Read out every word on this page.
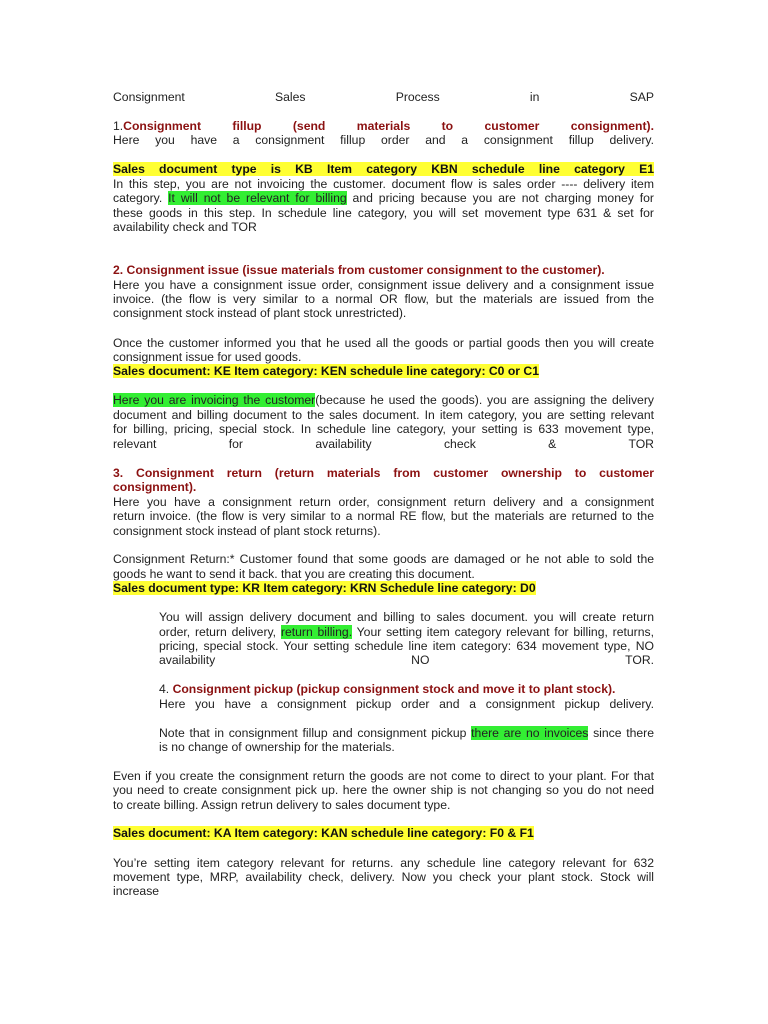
Consignment	Sales	Process	in	SAP
1.Consignment fillup (send materials to customer consignment).
Here you have a consignment fillup order and a consignment fillup delivery.
Sales document type is KB Item category KBN schedule line category E1
In this step, you are not invoicing the customer. document flow is sales order ---- delivery item
category. It will not be relevant for billing and pricing because you are not charging money for
these goods in this step. In schedule line category, you will set movement type 631 & set for
availability check and TOR
2. Consignment issue (issue materials from customer consignment to the customer).
Here you have a consignment issue order, consignment issue delivery and a consignment issue
invoice. (the flow is very similar to a normal OR flow, but the materials are issued from the
consignment stock instead of plant stock unrestricted).
Once the customer informed you that he used all the goods or partial goods then you will create
consignment issue for used goods.
Sales document: KE Item category: KEN schedule line category: C0 or C1
Here you are invoicing the customer(because he used the goods). you are assigning the delivery
document and billing document to the sales document. In item category, you are setting relevant
for billing, pricing, special stock. In schedule line category, your setting is 633 movement type,
relevant	for	availability	check	&	TOR
3. Consignment return (return materials from customer ownership to customer
consignment).
Here you have a consignment return order, consignment return delivery and a consignment
return invoice. (the flow is very similar to a normal RE flow, but the materials are returned to the
consignment stock instead of plant stock returns).
Consignment Return:* Customer found that some goods are damaged or he not able to sold the
goods he want to send it back. that you are creating this document.
Sales document type: KR Item category: KRN Schedule line category: D0
You will assign delivery document and billing to sales document. you will create return
order, return delivery, return billing. Your setting item category relevant for billing, returns,
pricing, special stock. Your setting schedule line item category: 634 movement type, NO
availability	NO	TOR.
4. Consignment pickup (pickup consignment stock and move it to plant stock).
Here you have a consignment pickup order and a consignment pickup delivery.
Note that in consignment fillup and consignment pickup there are no invoices since there
is no change of ownership for the materials.
Even if you create the consignment return the goods are not come to direct to your plant. For that
you need to create consignment pick up. here the owner ship is not changing so you do not need
to create billing. Assign retrun delivery to sales document type.
Sales document: KA Item category: KAN schedule line category: F0 & F1
You’re setting item category relevant for returns. any schedule line category relevant for 632
movement type, MRP, availability check, delivery. Now you check your plant stock. Stock will
increase
